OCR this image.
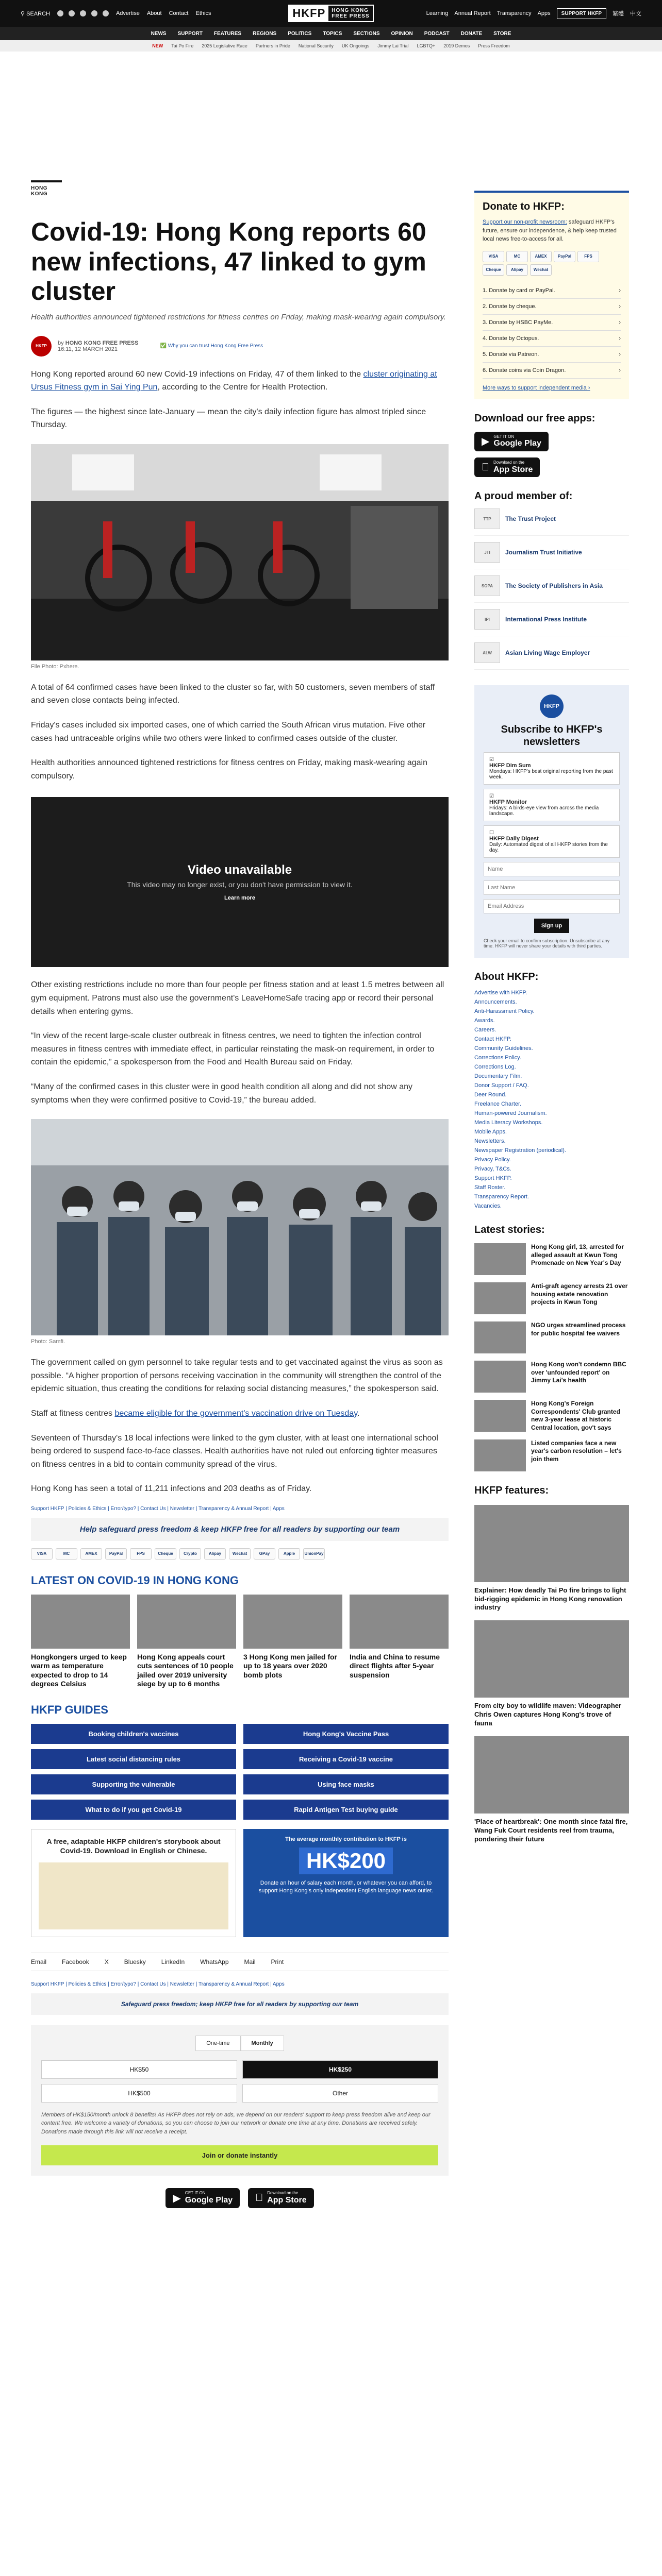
⚲ SEARCH	Advertise About Contact Ethics	HKFP	HONG KONG
FREE PRESS	Learning Annual Report Transparency Apps	SUPPORT HKFP	繁體 中文
NEWS SUPPORT FEATURES REGIONS POLITICS TOPICS SECTIONS OPINION PODCAST DONATE STORE
NEW Tai Po Fire 2025 Legislative Race Partners in Pride National Security UK Ongoings Jimmy Lai Trial LGBTQ+ 2019 Demos Press Freedom
HONG KONG
Covid-19: Hong Kong reports 60 new infections, 47 linked to gym cluster

Health authorities announced tightened restrictions for fitness centres on Friday, making mask-wearing again compulsory.

HKFP	by HONG KONG FREE PRESS
16:11, 12 MARCH 2021	✅ Why you can trust Hong Kong Free Press

Hong Kong reported around 60 new Covid-19 infections on Friday, 47 of them linked to the cluster originating at Ursus Fitness gym in Sai Ying Pun, according to the Centre for Health Protection.

The figures — the highest since late-January — mean the city's daily infection figure has almost tripled since Thursday.

File Photo: Pxhere.

A total of 64 confirmed cases have been linked to the cluster so far, with 50 customers, seven members of staff and seven close contacts being infected.

Friday's cases included six imported cases, one of which carried the South African virus mutation. Five other cases had untraceable origins while two others were linked to confirmed cases outside of the cluster.

Health authorities announced tightened restrictions for fitness centres on Friday, making mask-wearing again compulsory.

Video unavailable
This video may no longer exist, or you don't have permission to view it.
Learn more

Other existing restrictions include no more than four people per fitness station and at least 1.5 metres between all gym equipment. Patrons must also use the government's LeaveHomeSafe tracing app or record their personal details when entering gyms.

“In view of the recent large-scale cluster outbreak in fitness centres, we need to tighten the infection control measures in fitness centres with immediate effect, in particular reinstating the mask-on requirement, in order to contain the epidemic,” a spokesperson from the Food and Health Bureau said on Friday.

“Many of the confirmed cases in this cluster were in good health condition all along and did not show any symptoms when they were confirmed positive to Covid-19,” the bureau added.

Photo: Samfi.

The government called on gym personnel to take regular tests and to get vaccinated against the virus as soon as possible. “A higher proportion of persons receiving vaccination in the community will strengthen the control of the epidemic situation, thus creating the conditions for relaxing social distancing measures,” the spokesperson said.

Staff at fitness centres became eligible for the government's vaccination drive on Tuesday.

Seventeen of Thursday's 18 local infections were linked to the gym cluster, with at least one international school being ordered to suspend face-to-face classes. Health authorities have not ruled out enforcing tighter measures on fitness centres in a bid to contain community spread of the virus.

Hong Kong has seen a total of 11,211 infections and 203 deaths as of Friday.

Support HKFP | Policies & Ethics | Error/typo? | Contact Us | Newsletter | Transparency & Annual Report | Apps
Help safeguard press freedom & keep HKFP free for all readers by supporting our team
VISA	MC	AMEX	PayPal	FPS	Cheque	Crypto	Alipay	Wechat	GPay	Apple	UnionPay
LATEST ON COVID-19 IN HONG KONG
Hongkongers urged to keep warm as temperature expected to drop to 14 degrees Celsius
Hong Kong appeals court cuts sentences of 10 people jailed over 2019 university siege by up to 6 months
3 Hong Kong men jailed for up to 18 years over 2020 bomb plots
India and China to resume direct flights after 5-year suspension
HKFP GUIDES
Booking children's vaccines	Hong Kong's Vaccine Pass
Latest social distancing rules	Receiving a Covid-19 vaccine
Supporting the vulnerable	Using face masks
What to do if you get Covid-19	Rapid Antigen Test buying guide
A free, adaptable HKFP children's storybook about Covid-19. Download in English or Chinese.
The average monthly contribution to HKFP is
HK$200
Donate an hour of salary each month, or whatever you can afford, to support Hong Kong's only independent English language news outlet.
Email	Facebook	X	Bluesky	LinkedIn	WhatsApp	Mail	Print
Support HKFP | Policies & Ethics | Error/typo? | Contact Us | Newsletter | Transparency & Annual Report | Apps
Safeguard press freedom; keep HKFP free for all readers by supporting our team
One-time	Monthly
HK$50	HK$250
HK$500	Other
Members of HK$150/month unlock 8 benefits! As HKFP does not rely on ads, we depend on our readers' support to keep press freedom alive and keep our content free. We welcome a variety of donations, so you can choose to join our network or donate one time at any time. Donations are received safely. Donations made through this link will not receive a receipt.
Join or donate instantly
▶	GET IT ON
Google Play
Download on the
App Store
Donate to HKFP:

Support our non-profit newsroom: safeguard HKFP's future, ensure our independence, & help keep trusted local news free-to-access for all.

VISA	MC	AMEX	PayPal	FPS
Cheque	Alipay	Wechat
1. Donate by card or PayPal.	›
2. Donate by cheque.	›
3. Donate by HSBC PayMe.	›
4. Donate by Octopus.	›
5. Donate via Patreon.	›
6. Donate coins via Coin Dragon.	›
More ways to support independent media ›
Download our free apps:
▶ GET IT ON
Google Play
Download on the
App Store
A proud member of:
TTP	The Trust Project
JTI	Journalism Trust Initiative
SOPA	The Society of Publishers in Asia
IPI	International Press Institute
ALW	Asian Living Wage Employer
HKFP
Subscribe to HKFP's newsletters
☑
HKFP Dim Sum
Mondays: HKFP's best original reporting from the past week.
☑
HKFP Monitor
Fridays: A birds-eye view from across the media landscape.
☐
HKFP Daily Digest
Daily: Automated digest of all HKFP stories from the day.
Name Last Name Email Address Sign up
Check your email to confirm subscription. Unsubscribe at any time. HKFP will never share your details with third parties.
About HKFP:
Advertise with HKFP.
Announcements.
Anti-Harassment Policy.
Awards.
Careers.
Contact HKFP.
Community Guidelines.
Corrections Policy.
Corrections Log.
Documentary Film.
Donor Support / FAQ.
Deer Round.
Freelance Charter.
Human-powered Journalism.
Media Literacy Workshops.
Mobile Apps.
Newsletters.
Newspaper Registration (periodical).
Privacy Policy.
Privacy, T&Cs.
Support HKFP.
Staff Roster.
Transparency Report.
Vacancies.
Latest stories:
Hong Kong girl, 13, arrested for alleged assault at Kwun Tong Promenade on New Year's Day
Anti-graft agency arrests 21 over housing estate renovation projects in Kwun Tong
NGO urges streamlined process for public hospital fee waivers
Hong Kong won't condemn BBC over 'unfounded report' on Jimmy Lai's health
Hong Kong's Foreign Correspondents' Club granted new 3-year lease at historic Central location, gov't says
Listed companies face a new year's carbon resolution – let's join them
HKFP features:
Explainer: How deadly Tai Po fire brings to light bid-rigging epidemic in Hong Kong renovation industry
From city boy to wildlife maven: Videographer Chris Owen captures Hong Kong's trove of fauna
'Place of heartbreak': One month since fatal fire, Wang Fuk Court residents reel from trauma, pondering their future
